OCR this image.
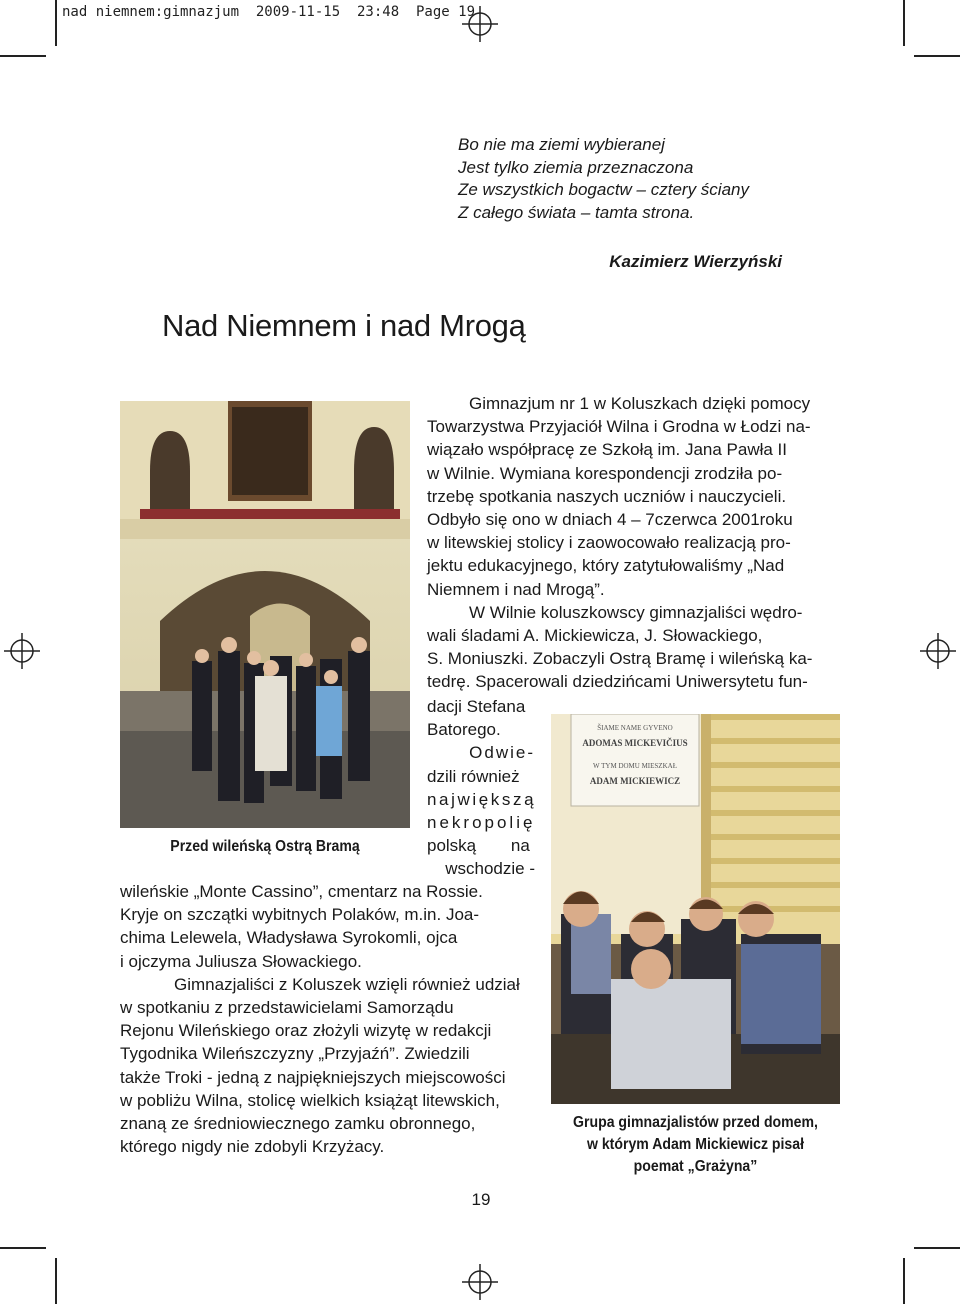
nad niemnem:gimnazjum  2009-11-15  23:48  Page 19
Bo nie ma ziemi wybieranej
Jest tylko ziemia przeznaczona
Ze wszystkich bogactw – cztery ściany
Z całego świata – tamta strona.
Kazimierz Wierzyński
Nad Niemnem i nad Mrogą
Przed wileńską Ostrą Bramą
Gimnazjum nr 1 w Koluszkach dzięki pomocy
Towarzystwa Przyjaciół Wilna i Grodna w Łodzi na-
wiązało współpracę ze Szkołą im. Jana Pawła II
w Wilnie. Wymiana korespondencji zrodziła po-
trzebę spotkania naszych uczniów i nauczycieli.
Odbyło się ono w dniach 4 – 7czerwca 2001roku
w litewskiej stolicy i zaowocowało realizacją pro-
jektu edukacyjnego, który zatytułowaliśmy „Nad
Niemnem i nad Mrogą”.
W Wilnie koluszkowscy gimnazjaliści wędro-
wali śladami A. Mickiewicza, J. Słowackiego,
S. Moniuszki. Zobaczyli Ostrą Bramę i wileńską ka-
tedrę. Spacerowali dziedzińcami Uniwersytetu fun-
dacji Stefana
Batorego.
Odwie-
dzili również
największą
nekropolię
polską na
wschodzie -
wileńskie „Monte Cassino”, cmentarz na Rossie.
Kryje on szczątki wybitnych Polaków, m.in. Joa-
chima Lelewela, Władysława Syrokomli, ojca
i ojczyma Juliusza Słowackiego.
Gimnazjaliści z Koluszek wzięli również udział
w spotkaniu z przedstawicielami Samorządu
Rejonu Wileńskiego oraz złożyli wizytę w redakcji
Tygodnika Wileńszczyzny „Przyjaźń”. Zwiedzili
także Troki - jedną z najpiękniejszych miejscowości
w pobliżu Wilna, stolicę wielkich książąt litewskich,
znaną ze średniowiecznego zamku obronnego,
którego nigdy nie zdobyli Krzyżacy.
ŠIAME NAME GYVENO
ADOMAS MICKEVIČIUS
W TYM DOMU MIESZKAŁ
ADAM MICKIEWICZ
Grupa gimnazjalistów przed domem,
w którym Adam Mickiewicz pisał
poemat „Grażyna”
19
